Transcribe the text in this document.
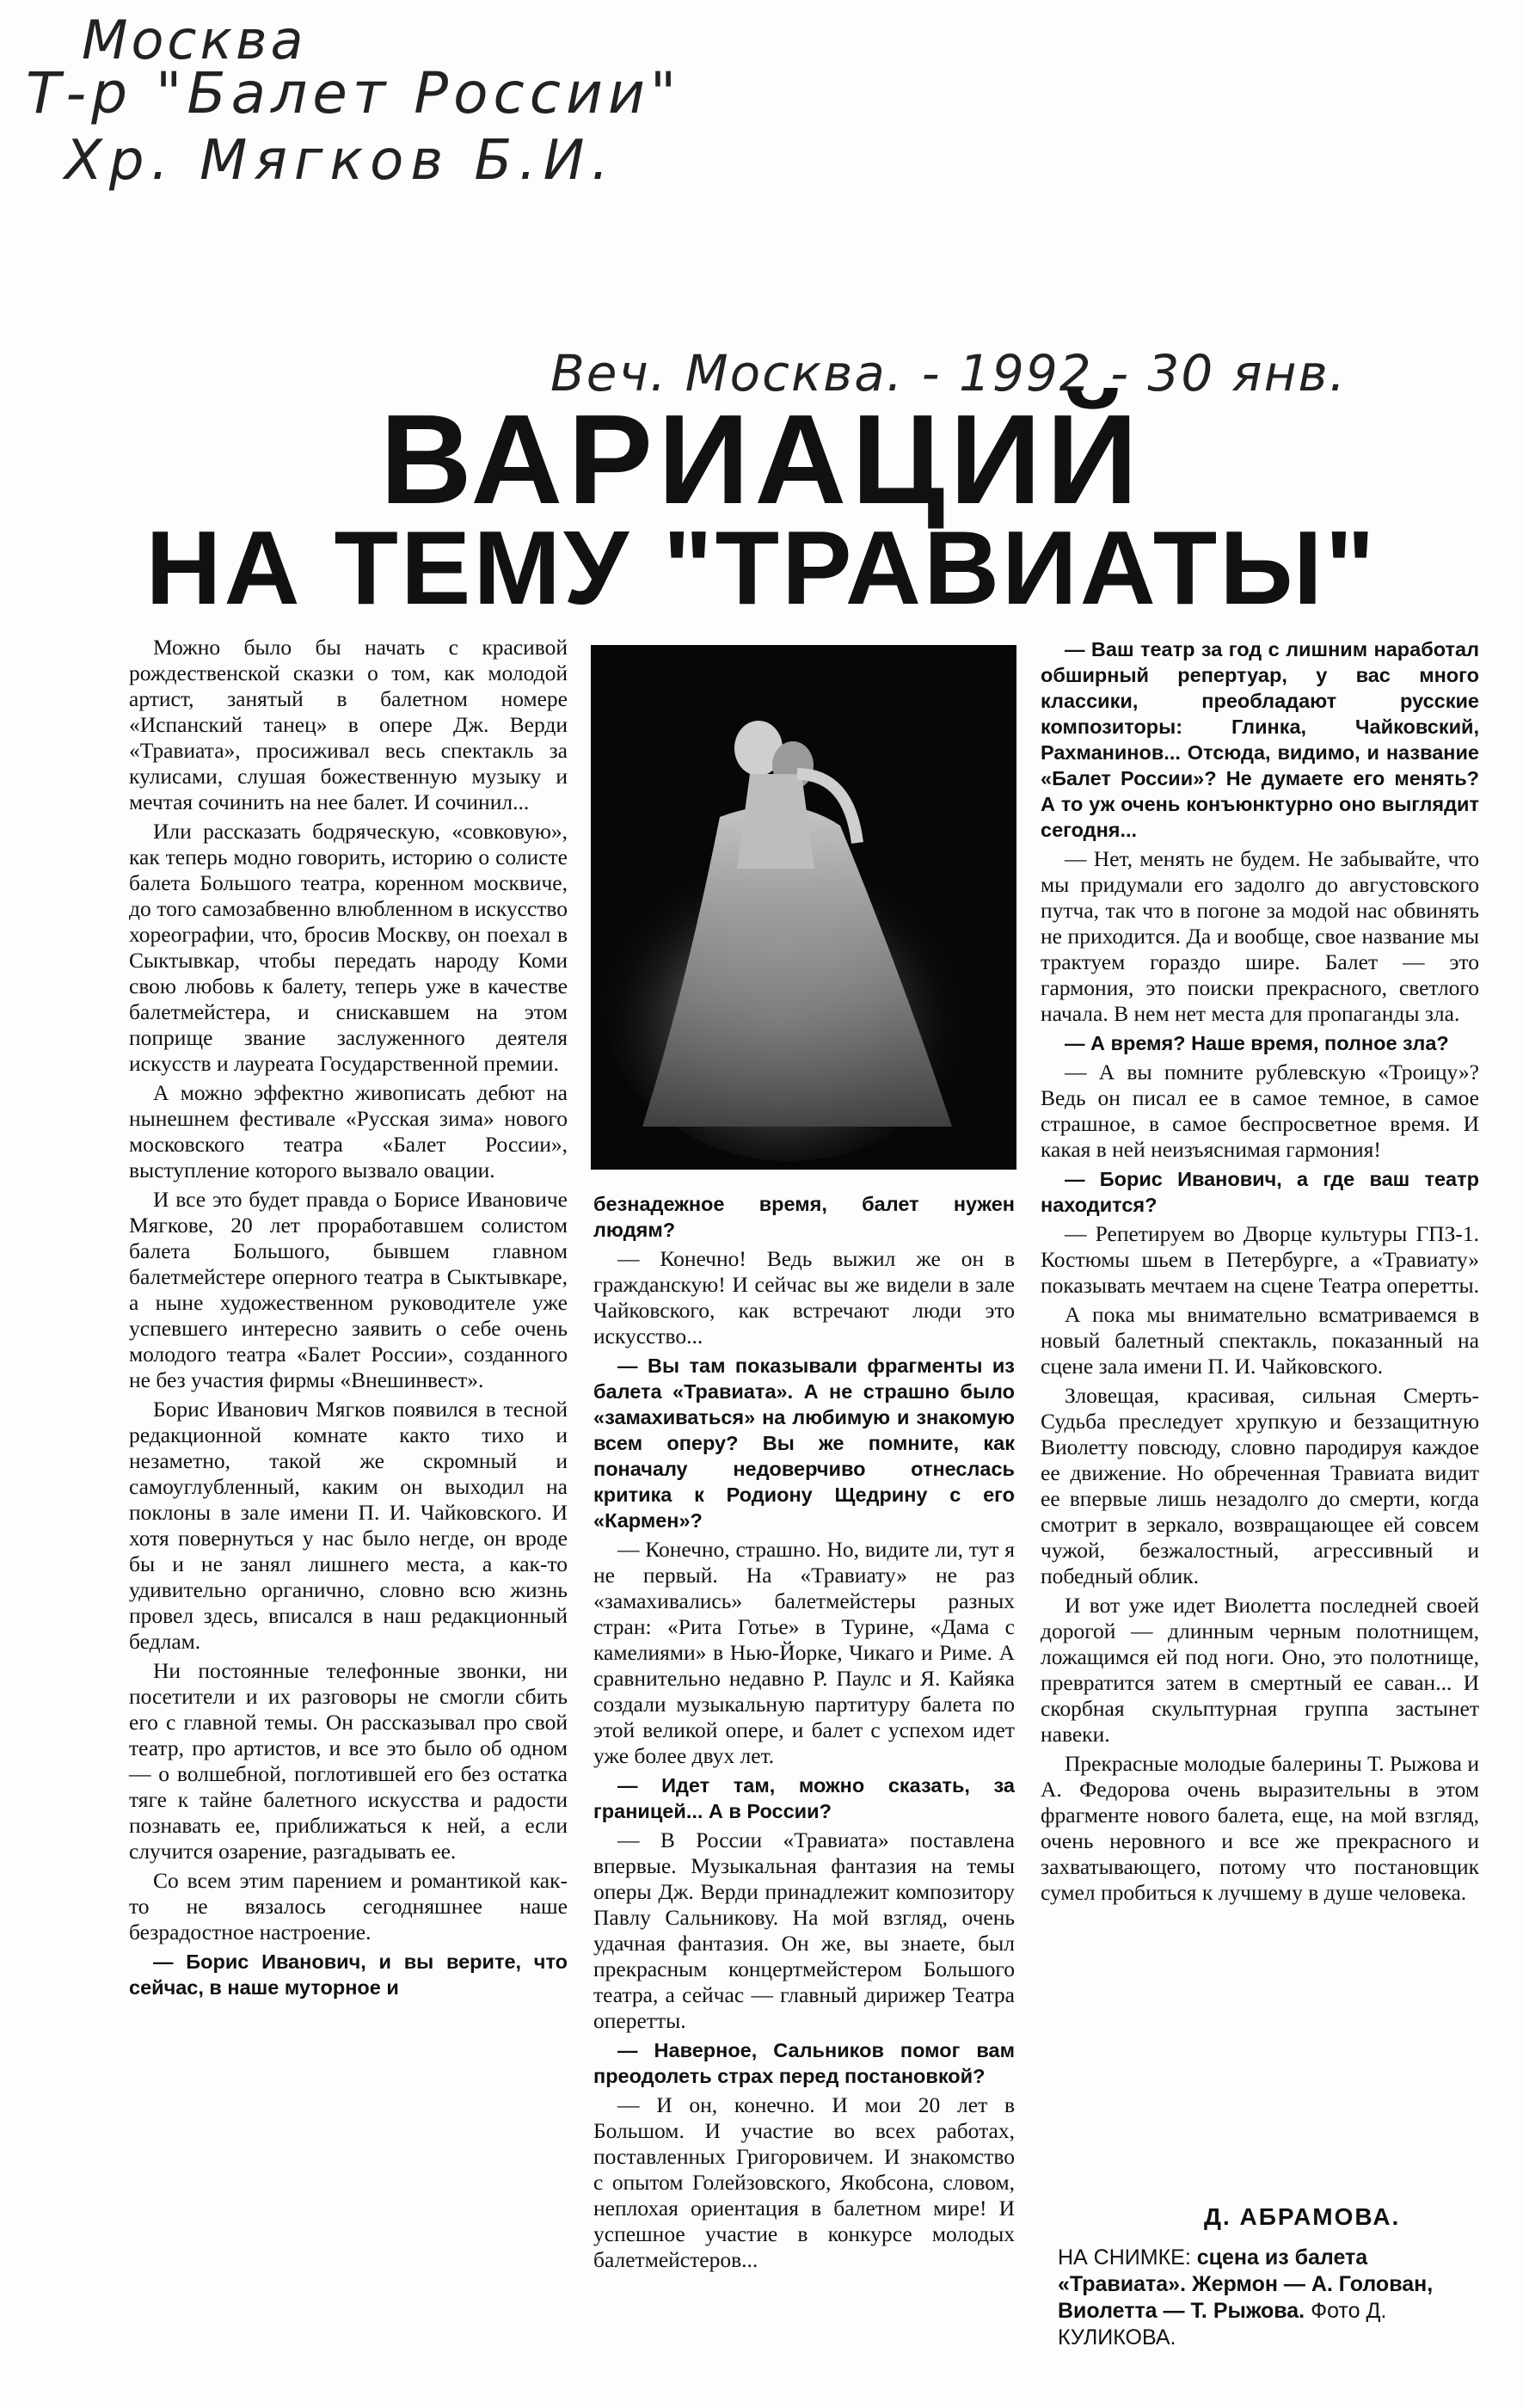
Москва
Т-р "Балет России"
Хр. Мягков Б.И.
Веч. Москва. - 1992 - 30 янв.
ВАРИАЦИЙ
НА ТЕМУ "ТРАВИАТЫ"

Можно было бы начать с красивой рождественской сказки о том, как молодой артист, занятый в балетном номере «Испанский танец» в опере Дж. Верди «Травиата», просиживал весь спектакль за кулисами, слушая божественную музыку и мечтая сочинить на нее балет. И сочинил...

Или рассказать бодряческую, «совковую», как теперь модно говорить, историю о солисте балета Большого театра, коренном москвиче, до того самозабвенно влюбленном в искусство хореографии, что, бросив Москву, он поехал в Сыктывкар, чтобы передать народу Коми свою любовь к балету, теперь уже в качестве балетмейстера, и снискавшем на этом поприще звание заслуженного деятеля искусств и лауреата Государственной премии.

А можно эффектно живописать дебют на нынешнем фестивале «Русская зима» нового московского театра «Балет России», выступление которого вызвало овации.

И все это будет правда о Борисе Ивановиче Мягкове, 20 лет проработавшем солистом балета Большого, бывшем главном балетмейстере оперного театра в Сыктывкаре, а ныне художественном руководителе уже успевшего интересно заявить о себе очень молодого театра «Балет России», созданного не без участия фирмы «Внешинвест».

Борис Иванович Мягков появился в тесной редакционной комнате както тихо и незаметно, такой же скромный и самоуглубленный, каким он выходил на поклоны в зале имени П. И. Чайковского. И хотя повернуться у нас было негде, он вроде бы и не занял лишнего места, а как-то удивительно органично, словно всю жизнь провел здесь, вписался в наш редакционный бедлам.

Ни постоянные телефонные звонки, ни посетители и их разговоры не смогли сбить его с главной темы. Он рассказывал про свой театр, про артистов, и все это было об одном — о волшебной, поглотившей его без остатка тяге к тайне балетного искусства и радости познавать ее, приближаться к ней, а если случится озарение, разгадывать ее.

Со всем этим парением и романтикой как-то не вязалось сегодняшнее наше безрадостное настроение.

— Борис Иванович, и вы верите, что сейчас, в наше муторное и

безнадежное время, балет нужен людям?

— Конечно! Ведь выжил же он в гражданскую! И сейчас вы же видели в зале Чайковского, как встречают люди это искусство...

— Вы там показывали фрагменты из балета «Травиата». А не страшно было «замахиваться» на любимую и знакомую всем оперу? Вы же помните, как поначалу недоверчиво отнеслась критика к Родиону Щедрину с его «Кармен»?

— Конечно, страшно. Но, видите ли, тут я не первый. На «Травиату» не раз «замахивались» балетмейстеры разных стран: «Рита Готье» в Турине, «Дама с камелиями» в Нью-Йорке, Чикаго и Риме. А сравнительно недавно Р. Паулс и Я. Кайяка создали музыкальную партитуру балета по этой великой опере, и балет с успехом идет уже более двух лет.

— Идет там, можно сказать, за границей... А в России?

— В России «Травиата» поставлена впервые. Музыкальная фантазия на темы оперы Дж. Верди принадлежит композитору Павлу Сальникову. На мой взгляд, очень удачная фантазия. Он же, вы знаете, был прекрасным концертмейстером Большого театра, а сейчас — главный дирижер Театра оперетты.

— Наверное, Сальников помог вам преодолеть страх перед постановкой?

— И он, конечно. И мои 20 лет в Большом. И участие во всех работах, поставленных Григоровичем. И знакомство с опытом Голейзовского, Якобсона, словом, неплохая ориентация в балетном мире! И успешное участие в конкурсе молодых балетмейстеров...

— Ваш театр за год с лишним наработал обширный репертуар, у вас много классики, преобладают русские композиторы: Глинка, Чайковский, Рахманинов... Отсюда, видимо, и название «Балет России»? Не думаете его менять? А то уж очень конъюнктурно оно выглядит сегодня...

— Нет, менять не будем. Не забывайте, что мы придумали его задолго до августовского путча, так что в погоне за модой нас обвинять не приходится. Да и вообще, свое название мы трактуем гораздо шире. Балет — это гармония, это поиски прекрасного, светлого начала. В нем нет места для пропаганды зла.

— А время? Наше время, полное зла?

— А вы помните рублевскую «Троицу»? Ведь он писал ее в самое темное, в самое страшное, в самое беспросветное время. И какая в ней неизъяснимая гармония!

— Борис Иванович, а где ваш театр находится?

— Репетируем во Дворце культуры ГПЗ-1. Костюмы шьем в Петербурге, а «Травиату» показывать мечтаем на сцене Театра оперетты.

А пока мы внимательно всматриваемся в новый балетный спектакль, показанный на сцене зала имени П. И. Чайковского.

Зловещая, красивая, сильная Смерть-Судьба преследует хрупкую и беззащитную Виолетту повсюду, словно пародируя каждое ее движение. Но обреченная Травиата видит ее впервые лишь незадолго до смерти, когда смотрит в зеркало, возвращающее ей совсем чужой, безжалостный, агрессивный и победный облик.

И вот уже идет Виолетта последней своей дорогой — длинным черным полотнищем, ложащимся ей под ноги. Оно, это полотнище, превратится затем в смертный ее саван... И скорбная скульптурная группа застынет навеки.

Прекрасные молодые балерины Т. Рыжова и А. Федорова очень выразительны в этом фрагменте нового балета, еще, на мой взгляд, очень неровного и все же прекрасного и захватывающего, потому что постановщик сумел пробиться к лучшему в душе человека.

Д. АБРАМОВА.
НА СНИМКЕ: сцена из балета «Травиата». Жермон — А. Голован, Виолетта — Т. Рыжова. Фото Д. КУЛИКОВА.
